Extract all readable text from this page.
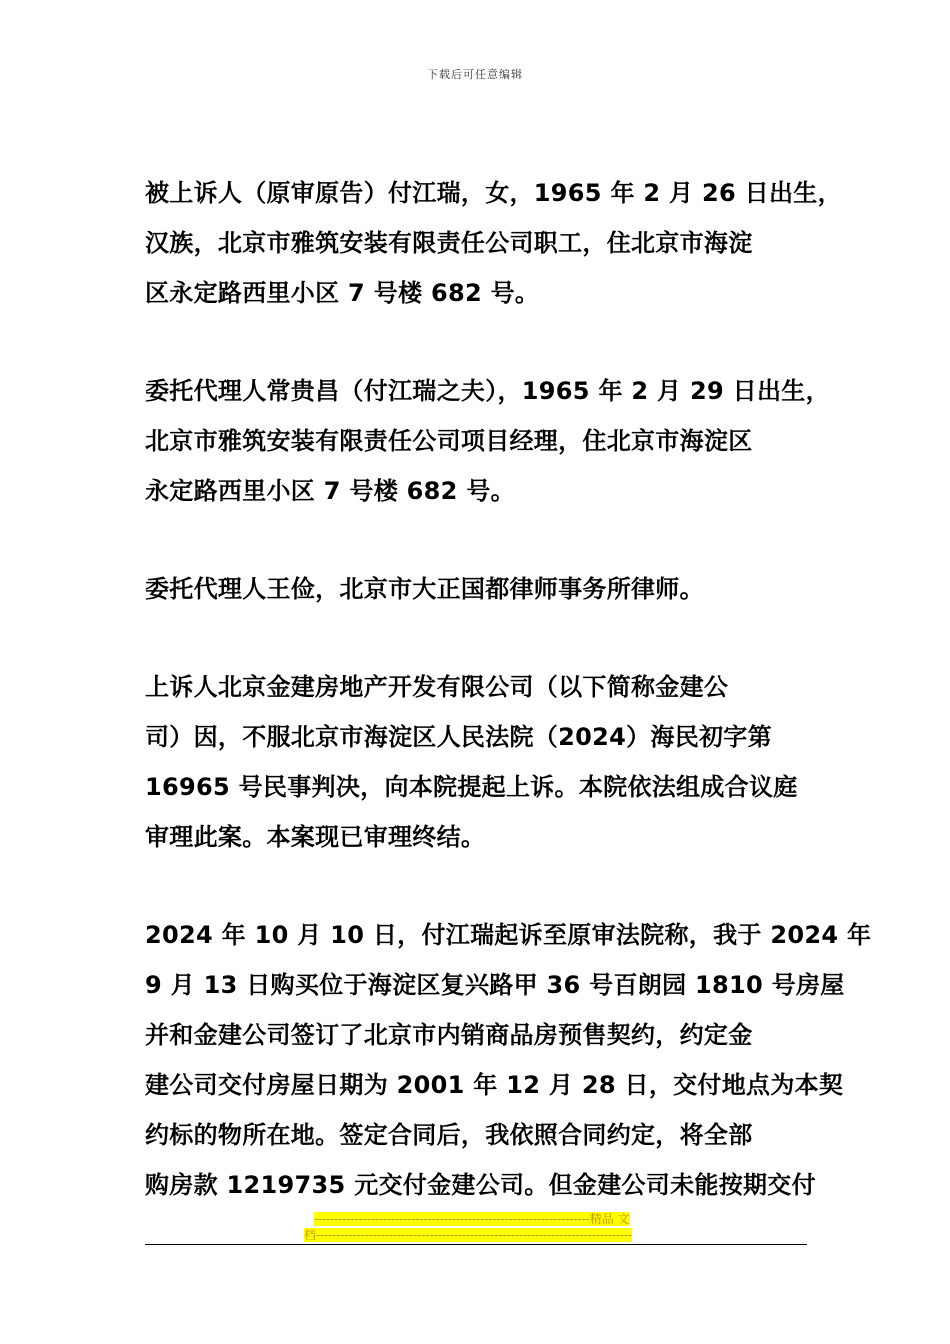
下载后可任意编辑

被上诉人（原审原告）付江瑞，女，1965 年 2 月 26 日出生，
汉族，北京市雅筑安装有限责任公司职工，住北京市海淀
区永定路西里小区 7 号楼 682 号。

委托代理人常贵昌（付江瑞之夫），1965 年 2 月 29 日出生，
北京市雅筑安装有限责任公司项目经理，住北京市海淀区
永定路西里小区 7 号楼 682 号。

委托代理人王俭，北京市大正国都律师事务所律师。

上诉人北京金建房地产开发有限公司（以下简称金建公
司）因，不服北京市海淀区人民法院（2024）海民初字第
16965 号民事判决，向本院提起上诉。本院依法组成合议庭
审理此案。本案现已审理终结。

2024 年 10 月 10 日，付江瑞起诉至原审法院称，我于 2024 年
9 月 13 日购买位于海淀区复兴路甲 36 号百朗园 1810 号房屋
并和金建公司签订了北京市内销商品房预售契约，约定金
建公司交付房屋日期为 2001 年 12 月 28 日，交付地点为本契
约标的物所在地。签定合同后，我依照合同约定，将全部
购房款 1219735 元交付金建公司。但金建公司未能按期交付

--------------------------------------------------------------------精品 文
档------------------------------------------------------------------------------
